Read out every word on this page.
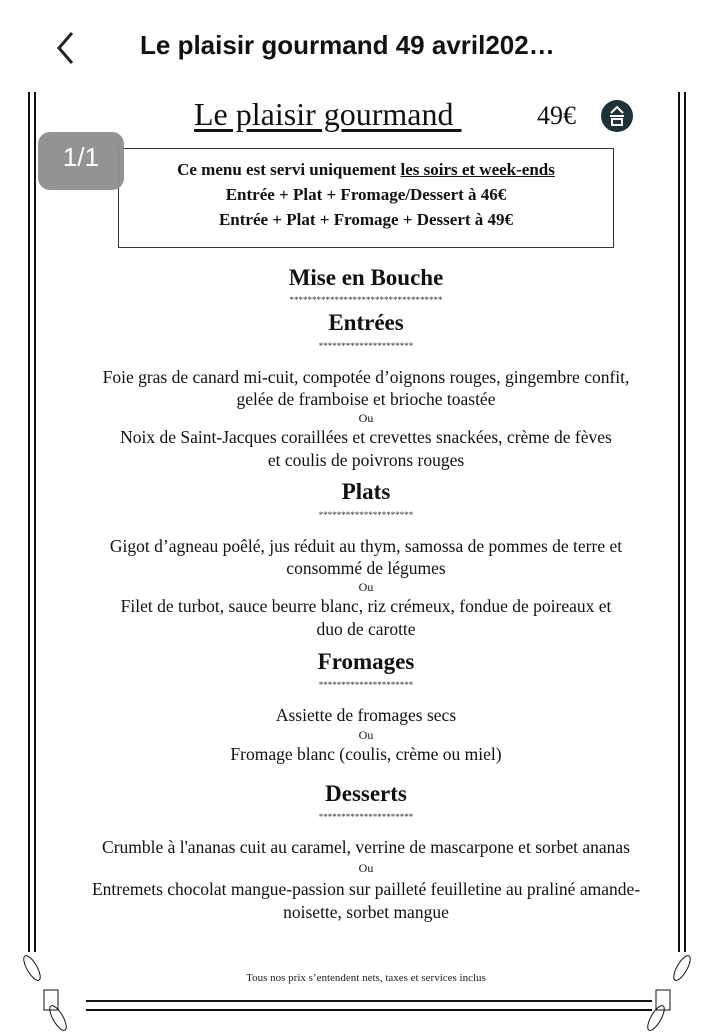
Le plaisir gourmand 49 avril202…
Le plaisir gourmand	49€
1/1	Ce menu est servi uniquement les soirs et week-ends
Entrée + Plat + Fromage/Dessert à 46€
Entrée + Plat + Fromage + Dessert à 49€
Mise en Bouche
**********************************
Entrées
*********************
Foie gras de canard mi-cuit, compotée d’oignons rouges, gingembre confit,
gelée de framboise et brioche toastée
Ou
Noix de Saint-Jacques coraillées et crevettes snackées, crème de fèves
et coulis de poivrons rouges
Plats
*********************
Gigot d’agneau poêlé, jus réduit au thym, samossa de pommes de terre et
consommé de légumes
Ou
Filet de turbot, sauce beurre blanc, riz crémeux, fondue de poireaux et
duo de carotte
Fromages
*********************
Assiette de fromages secs
Ou
Fromage blanc (coulis, crème ou miel)
Desserts
*********************
Crumble à l'ananas cuit au caramel, verrine de mascarpone et sorbet ananas
Ou
Entremets chocolat mangue-passion sur pailleté feuilletine au praliné amande-
noisette, sorbet mangue
Tous nos prix s’entendent nets, taxes et services inclus
